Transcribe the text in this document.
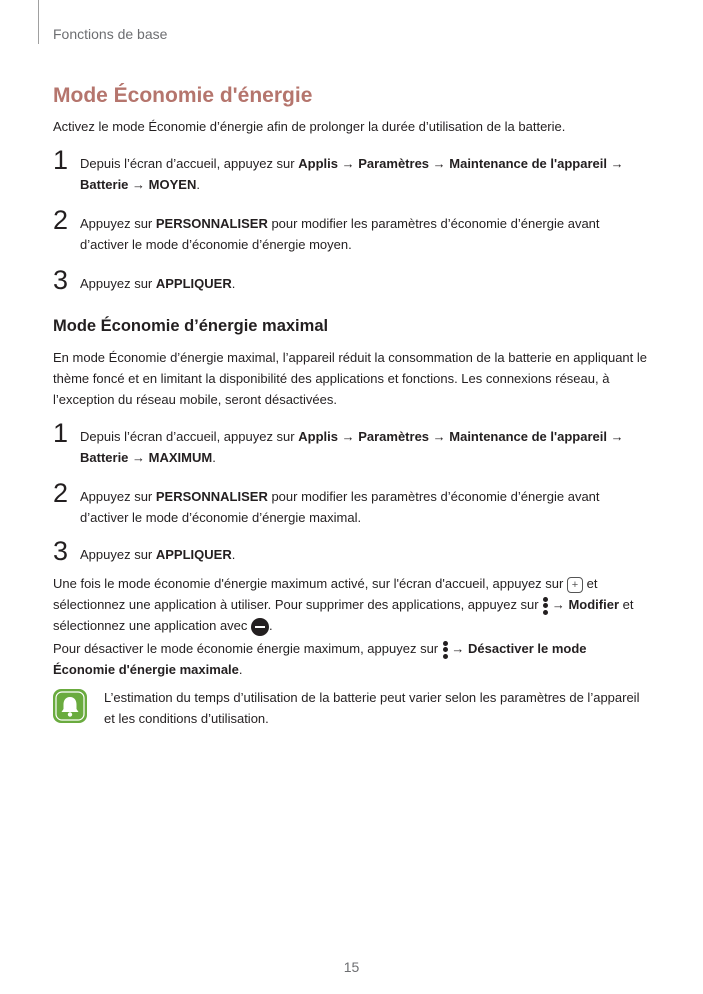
Fonctions de base
Mode Économie d'énergie

Activez le mode Économie d’énergie afin de prolonger la durée d’utilisation de la batterie.

1 Depuis l’écran d’accueil, appuyez sur Applis → Paramètres → Maintenance de l'appareil → Batterie → MOYEN.
2 Appuyez sur PERSONNALISER pour modifier les paramètres d’économie d’énergie avant d’activer le mode d’économie d’énergie moyen.
3 Appuyez sur APPLIQUER.
Mode Économie d’énergie maximal

En mode Économie d’énergie maximal, l’appareil réduit la consommation de la batterie en appliquant le thème foncé et en limitant la disponibilité des applications et fonctions. Les connexions réseau, à l’exception du réseau mobile, seront désactivées.

1 Depuis l’écran d’accueil, appuyez sur Applis → Paramètres → Maintenance de l'appareil → Batterie → MAXIMUM.
2 Appuyez sur PERSONNALISER pour modifier les paramètres d’économie d’énergie avant d’activer le mode d’économie d’énergie maximal.
3 Appuyez sur APPLIQUER.

Une fois le mode économie d'énergie maximum activé, sur l'écran d'accueil, appuyez sur + et sélectionnez une application à utiliser. Pour supprimer des applications, appuyez sur
→ Modifier et sélectionnez une application avec
.

Pour désactiver le mode économie énergie maximum, appuyez sur
→ Désactiver le mode Économie d'énergie maximale.

L’estimation du temps d’utilisation de la batterie peut varier selon les paramètres de l’appareil et les conditions d’utilisation.
15
